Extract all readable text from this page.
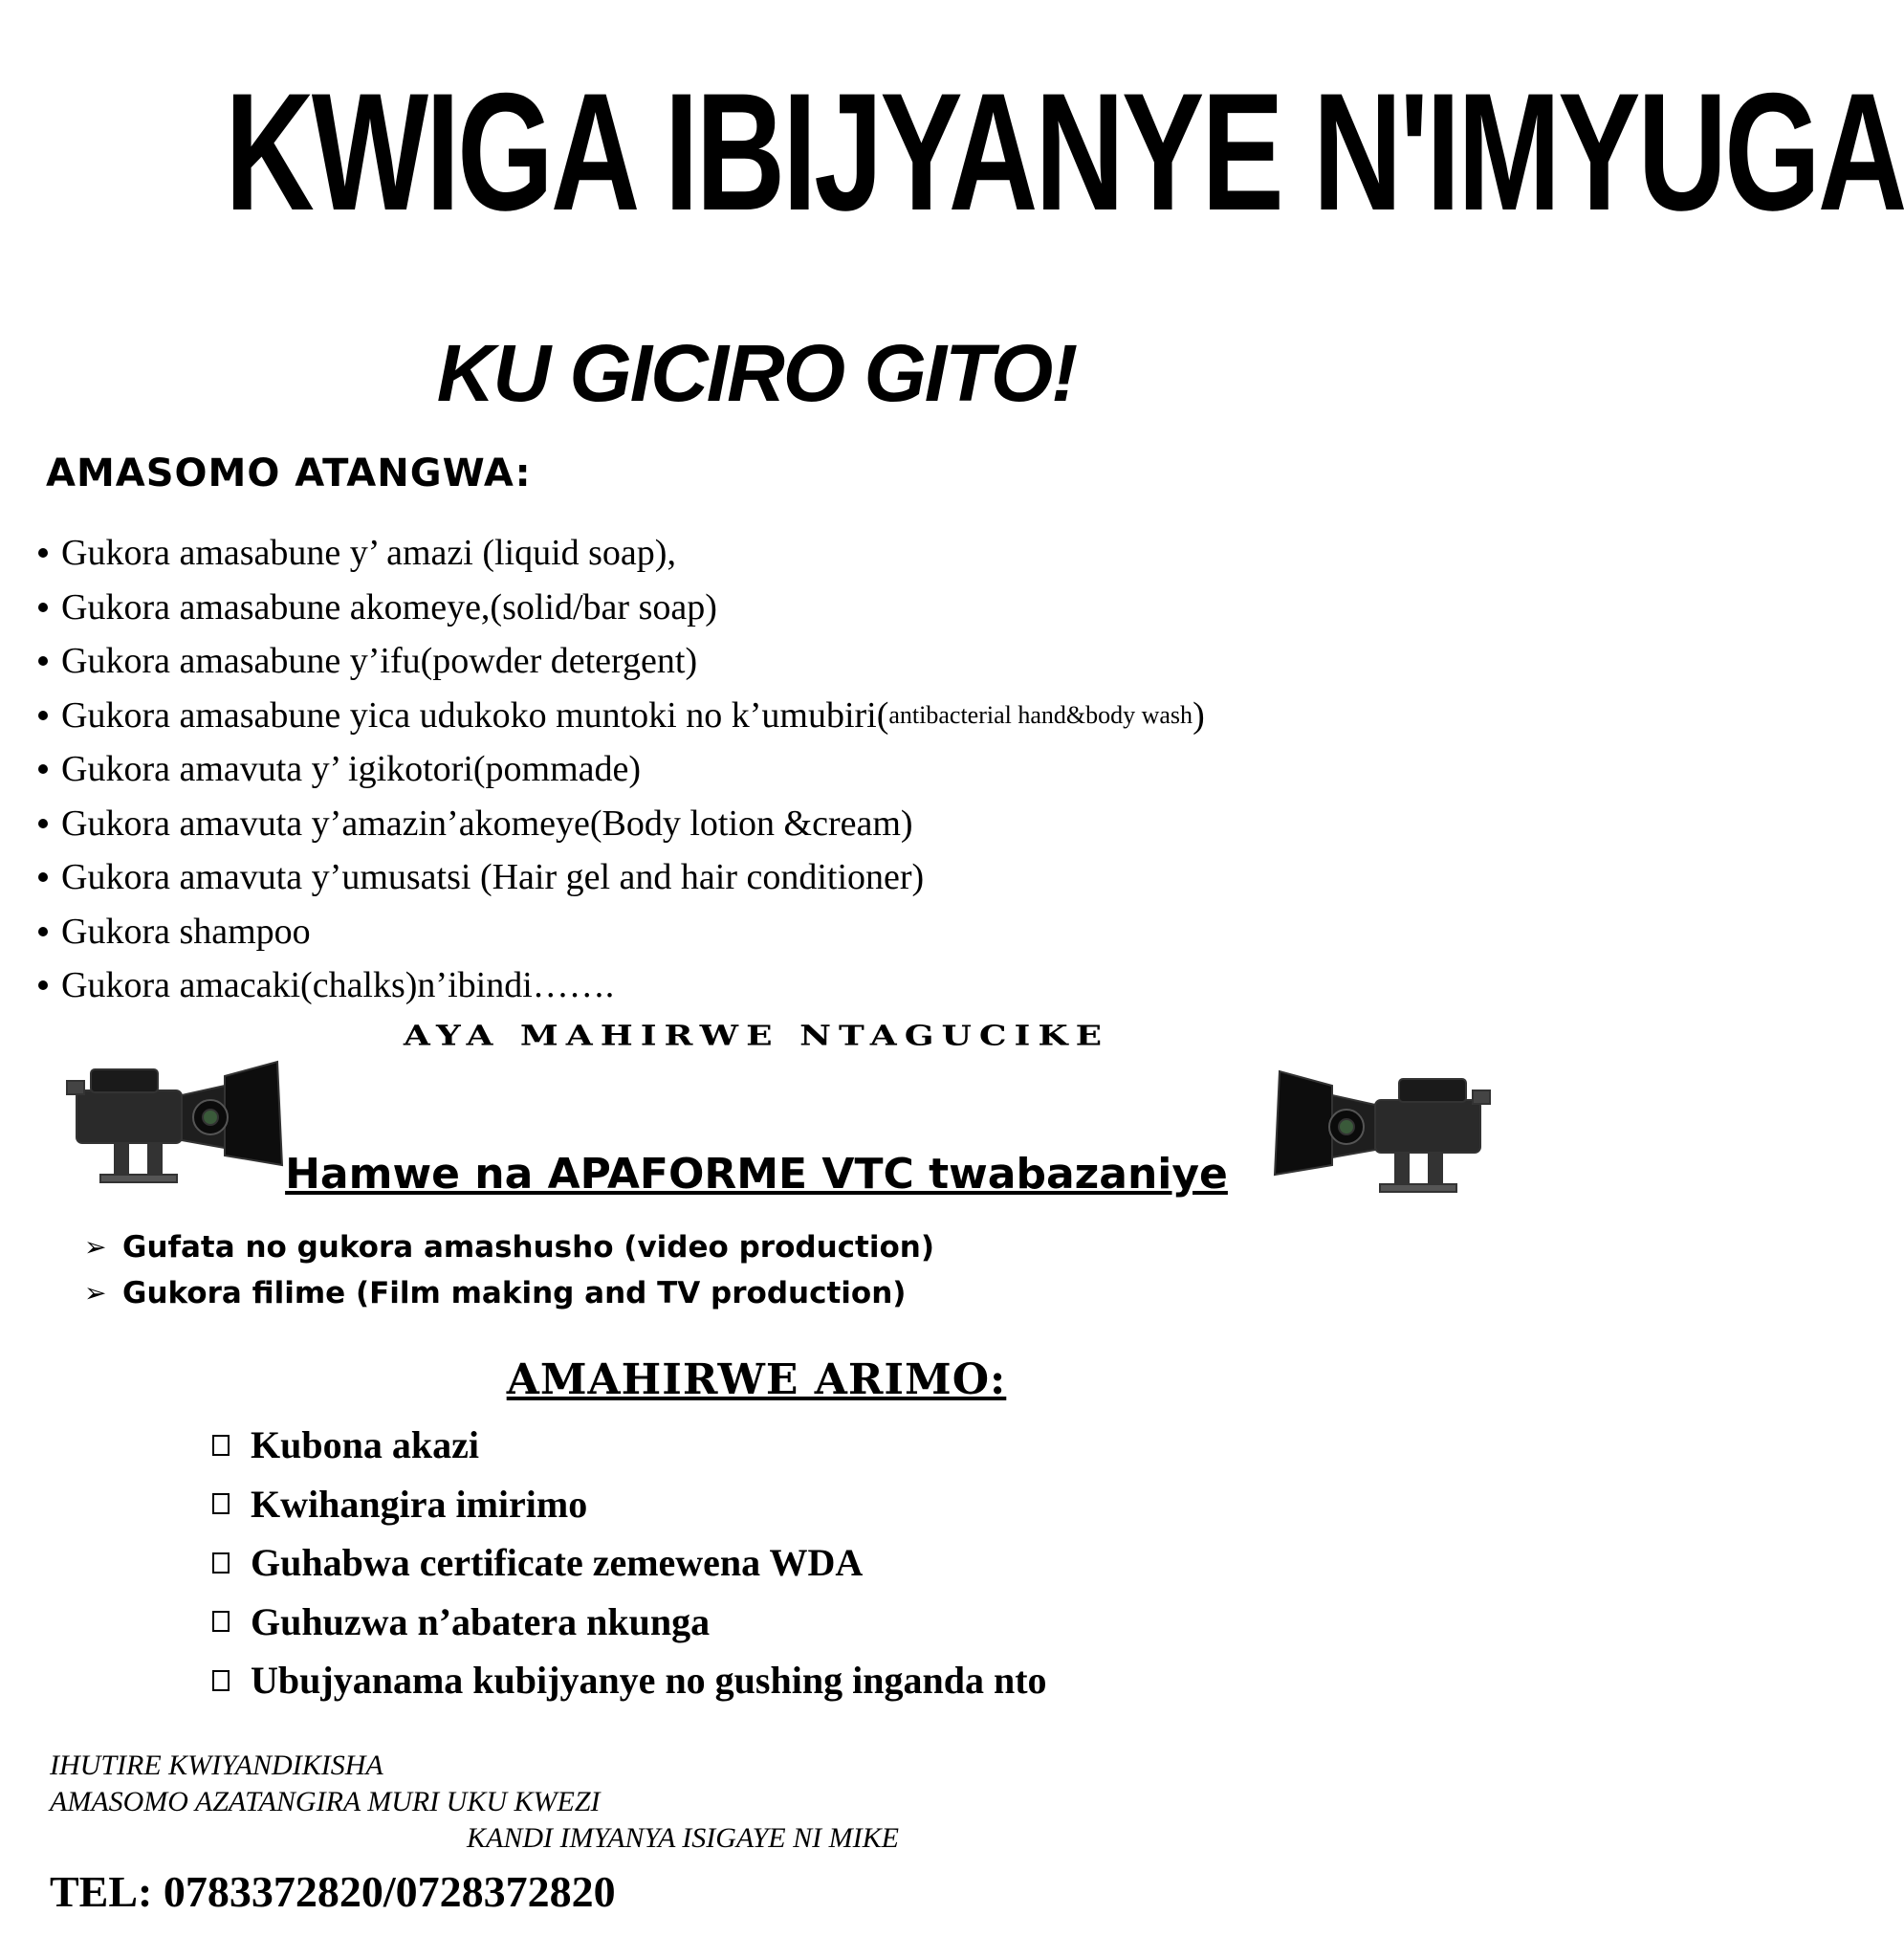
KWIGA IBIJYANYE N'IMYUGA
KU GICIRO GITO!
AMASOMO ATANGWA:
Gukora amasabune y’ amazi (liquid soap),
Gukora amasabune akomeye,(solid/bar soap)
Gukora amasabune y’ifu(powder detergent)
Gukora amasabune yica udukoko muntoki no k’umubiri ( antibacterial hand&body wash )
Gukora amavuta y’ igikotori(pommade)
Gukora amavuta y’amazin’akomeye(Body lotion &cream)
Gukora amavuta y’umusatsi (Hair gel and hair conditioner)
Gukora shampoo
Gukora amacaki(chalks)n’ibindi…….
AYA MAHIRWE NTAGUCIKE
Hamwe na APAFORME VTC twabazaniye
➢ Gufata no gukora amashusho (video production)
➢ Gukora filime (Film making and TV production)
AMAHIRWE ARIMO:
Kubona akazi
Kwihangira imirimo
Guhabwa certificate zemewena WDA
Guhuzwa n’abatera nkunga
Ubujyanama kubijyanye no gushing inganda nto
IHUTIRE KWIYANDIKISHA
AMASOMO AZATANGIRA MURI UKU KWEZI
KANDI IMYANYA ISIGAYE NI MIKE
TEL: 0783372820/0728372820
